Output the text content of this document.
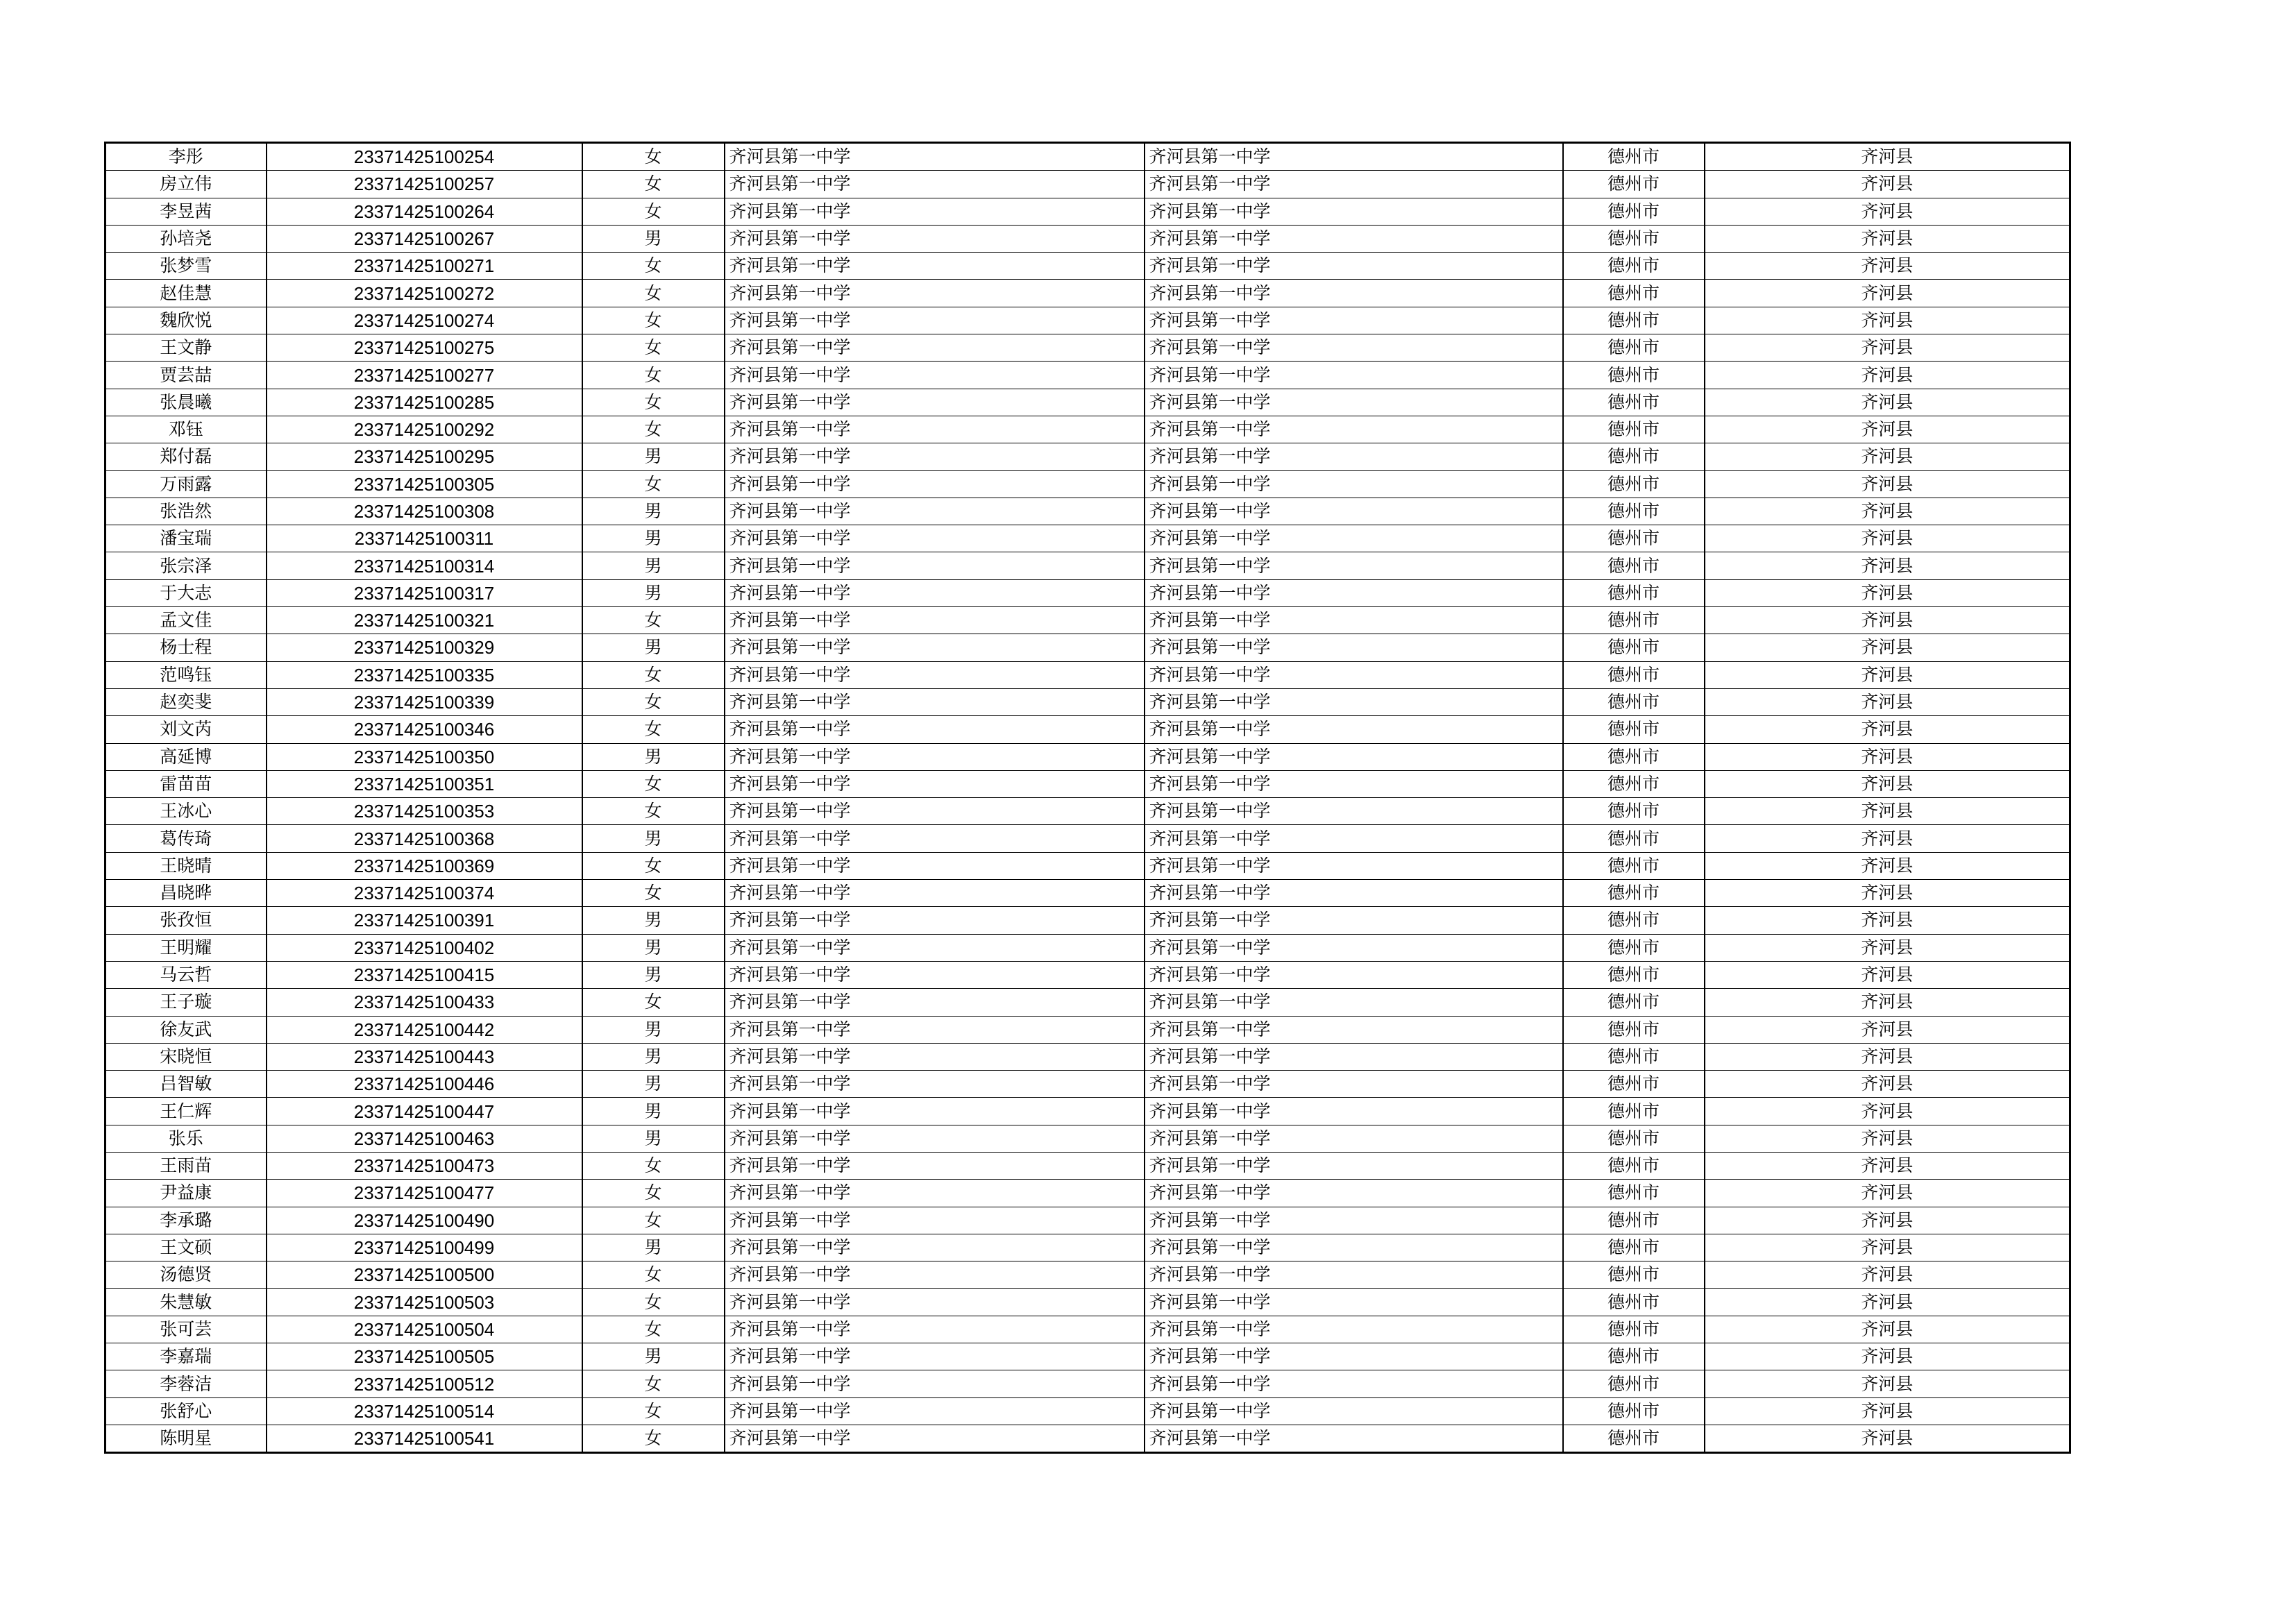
李彤	23371425100254	女	齐河县第一中学	齐河县第一中学	德州市	齐河县
房立伟	23371425100257	女	齐河县第一中学	齐河县第一中学	德州市	齐河县
李昱茜	23371425100264	女	齐河县第一中学	齐河县第一中学	德州市	齐河县
孙培尧	23371425100267	男	齐河县第一中学	齐河县第一中学	德州市	齐河县
张梦雪	23371425100271	女	齐河县第一中学	齐河县第一中学	德州市	齐河县
赵佳慧	23371425100272	女	齐河县第一中学	齐河县第一中学	德州市	齐河县
魏欣悦	23371425100274	女	齐河县第一中学	齐河县第一中学	德州市	齐河县
王文静	23371425100275	女	齐河县第一中学	齐河县第一中学	德州市	齐河县
贾芸喆	23371425100277	女	齐河县第一中学	齐河县第一中学	德州市	齐河县
张晨曦	23371425100285	女	齐河县第一中学	齐河县第一中学	德州市	齐河县
邓钰	23371425100292	女	齐河县第一中学	齐河县第一中学	德州市	齐河县
郑付磊	23371425100295	男	齐河县第一中学	齐河县第一中学	德州市	齐河县
万雨露	23371425100305	女	齐河县第一中学	齐河县第一中学	德州市	齐河县
张浩然	23371425100308	男	齐河县第一中学	齐河县第一中学	德州市	齐河县
潘宝瑞	23371425100311	男	齐河县第一中学	齐河县第一中学	德州市	齐河县
张宗泽	23371425100314	男	齐河县第一中学	齐河县第一中学	德州市	齐河县
于大志	23371425100317	男	齐河县第一中学	齐河县第一中学	德州市	齐河县
孟文佳	23371425100321	女	齐河县第一中学	齐河县第一中学	德州市	齐河县
杨士程	23371425100329	男	齐河县第一中学	齐河县第一中学	德州市	齐河县
范鸣钰	23371425100335	女	齐河县第一中学	齐河县第一中学	德州市	齐河县
赵奕斐	23371425100339	女	齐河县第一中学	齐河县第一中学	德州市	齐河县
刘文芮	23371425100346	女	齐河县第一中学	齐河县第一中学	德州市	齐河县
高延博	23371425100350	男	齐河县第一中学	齐河县第一中学	德州市	齐河县
雷苗苗	23371425100351	女	齐河县第一中学	齐河县第一中学	德州市	齐河县
王冰心	23371425100353	女	齐河县第一中学	齐河县第一中学	德州市	齐河县
葛传琦	23371425100368	男	齐河县第一中学	齐河县第一中学	德州市	齐河县
王晓晴	23371425100369	女	齐河县第一中学	齐河县第一中学	德州市	齐河县
昌晓晔	23371425100374	女	齐河县第一中学	齐河县第一中学	德州市	齐河县
张孜恒	23371425100391	男	齐河县第一中学	齐河县第一中学	德州市	齐河县
王明耀	23371425100402	男	齐河县第一中学	齐河县第一中学	德州市	齐河县
马云哲	23371425100415	男	齐河县第一中学	齐河县第一中学	德州市	齐河县
王子璇	23371425100433	女	齐河县第一中学	齐河县第一中学	德州市	齐河县
徐友武	23371425100442	男	齐河县第一中学	齐河县第一中学	德州市	齐河县
宋晓恒	23371425100443	男	齐河县第一中学	齐河县第一中学	德州市	齐河县
吕智敏	23371425100446	男	齐河县第一中学	齐河县第一中学	德州市	齐河县
王仁辉	23371425100447	男	齐河县第一中学	齐河县第一中学	德州市	齐河县
张乐	23371425100463	男	齐河县第一中学	齐河县第一中学	德州市	齐河县
王雨苗	23371425100473	女	齐河县第一中学	齐河县第一中学	德州市	齐河县
尹益康	23371425100477	女	齐河县第一中学	齐河县第一中学	德州市	齐河县
李承璐	23371425100490	女	齐河县第一中学	齐河县第一中学	德州市	齐河县
王文硕	23371425100499	男	齐河县第一中学	齐河县第一中学	德州市	齐河县
汤德贤	23371425100500	女	齐河县第一中学	齐河县第一中学	德州市	齐河县
朱慧敏	23371425100503	女	齐河县第一中学	齐河县第一中学	德州市	齐河县
张可芸	23371425100504	女	齐河县第一中学	齐河县第一中学	德州市	齐河县
李嘉瑞	23371425100505	男	齐河县第一中学	齐河县第一中学	德州市	齐河县
李蓉洁	23371425100512	女	齐河县第一中学	齐河县第一中学	德州市	齐河县
张舒心	23371425100514	女	齐河县第一中学	齐河县第一中学	德州市	齐河县
陈明星	23371425100541	女	齐河县第一中学	齐河县第一中学	德州市	齐河县
